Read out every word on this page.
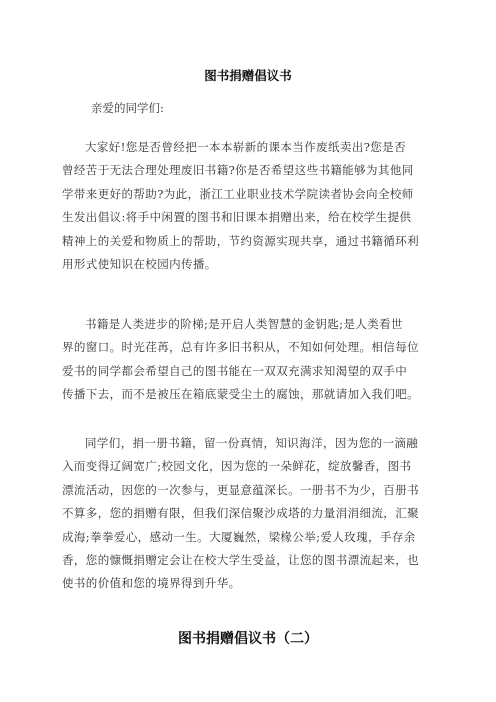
图书捐赠倡议书
亲爱的同学们:

大家好!您是否曾经把一本本崭新的课本当作废纸卖出?您是否
曾经苦于无法合理处理废旧书籍?你是否希望这些书籍能够为其他同
学带来更好的帮助?为此，浙江工业职业技术学院读者协会向全校师
生发出倡议:将手中闲置的图书和旧课本捐赠出来，给在校学生提供
精神上的关爱和物质上的帮助，节约资源实现共享，通过书籍循环利
用形式使知识在校园内传播。

书籍是人类进步的阶梯;是开启人类智慧的金钥匙;是人类看世
界的窗口。时光荏苒，总有许多旧书积从，不知如何处理。相信每位
爱书的同学都会希望自己的图书能在一双双充满求知渴望的双手中
传播下去，而不是被压在箱底蒙受尘土的腐蚀，那就请加入我们吧。

同学们，捐一册书籍，留一份真情，知识海洋，因为您的一滴融
入而变得辽阔宽广;校园文化，因为您的一朵鲜花，绽放馨香，图书
漂流活动，因您的一次参与，更显意蕴深长。一册书不为少，百册书
不算多，您的捐赠有限，但我们深信聚沙成塔的力量涓涓细流，汇聚
成海;拳拳爱心，感动一生。大厦巍然，梁椽公举;爱人玫瑰，手存余
香，您的慷慨捐赠定会让在校大学生受益，让您的图书漂流起来，也
使书的价值和您的境界得到升华。

图书捐赠倡议书（二）
